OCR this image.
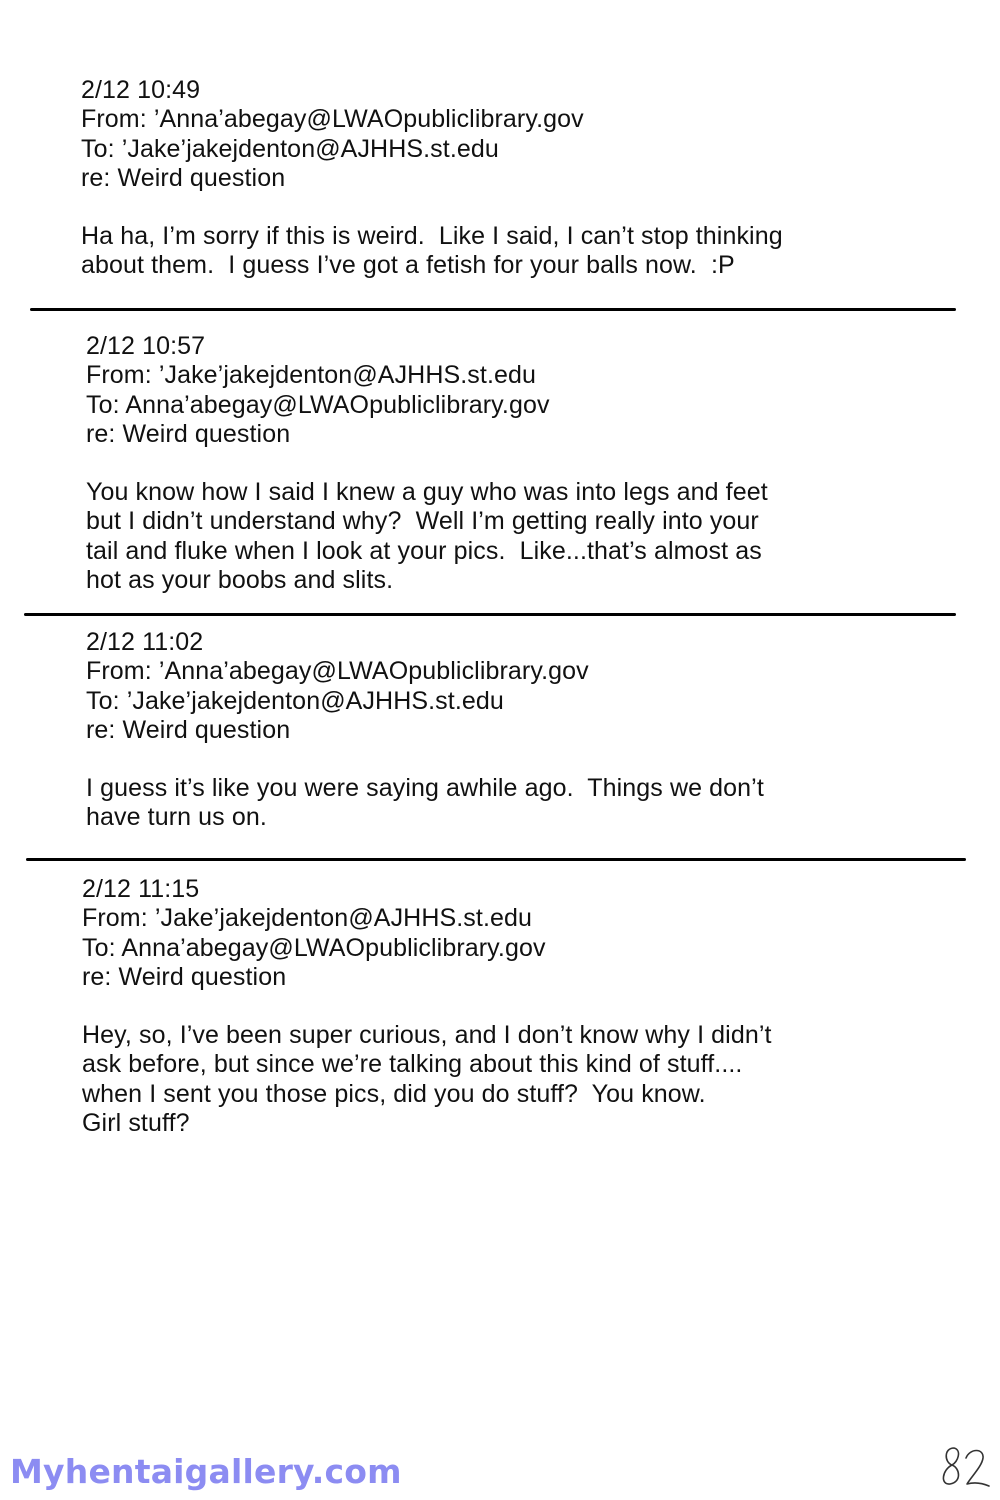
2/12 10:49
From: ’Anna’abegay@LWAOpubliclibrary.gov
To: ’Jake’jakejdenton@AJHHS.st.edu
re: Weird question
Ha ha, I’m sorry if this is weird.  Like I said, I can’t stop thinking
about them.  I guess I’ve got a fetish for your balls now.  :P
2/12 10:57
From: ’Jake’jakejdenton@AJHHS.st.edu
To: Anna’abegay@LWAOpubliclibrary.gov
re: Weird question
You know how I said I knew a guy who was into legs and feet
but I didn’t understand why?  Well I’m getting really into your
tail and fluke when I look at your pics.  Like...that’s almost as
hot as your boobs and slits.
2/12 11:02
From: ’Anna’abegay@LWAOpubliclibrary.gov
To: ’Jake’jakejdenton@AJHHS.st.edu
re: Weird question
I guess it’s like you were saying awhile ago.  Things we don’t
have turn us on.
2/12 11:15
From: ’Jake’jakejdenton@AJHHS.st.edu
To: Anna’abegay@LWAOpubliclibrary.gov
re: Weird question
Hey, so, I’ve been super curious, and I don’t know why I didn’t
ask before, but since we’re talking about this kind of stuff....
when I sent you those pics, did you do stuff?  You know.
Girl stuff?
Myhentaigallery.com
